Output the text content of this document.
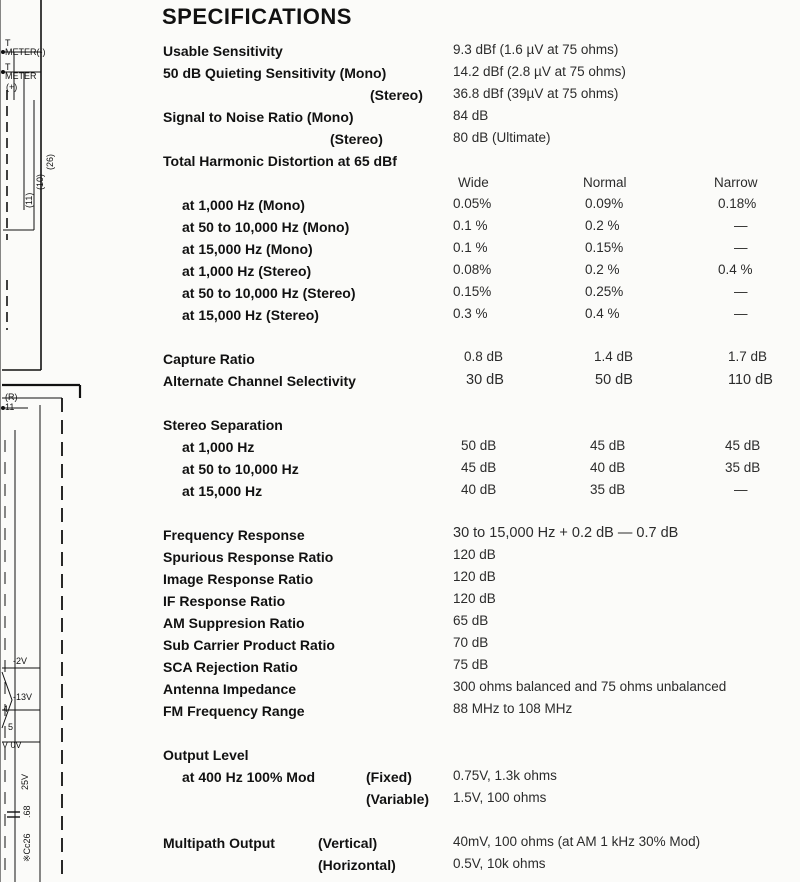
T
METER(-)
T
METER
(+)
(26)
(10)
(11)
(R)
11
-2V
-13V
4
5
V 0V
25V
.68
※Cc26
SPECIFICATIONS
Usable Sensitivity	9.3 dBf (1.6 µV at 75 ohms)
50 dB Quieting Sensitivity (Mono)	14.2 dBf (2.8 µV at 75 ohms)
(Stereo) 36.8 dBf (39µV at 75 ohms)
Signal to Noise Ratio (Mono)	84 dB
(Stereo)	80 dB (Ultimate)
Total Harmonic Distortion at 65 dBf
Wide	Normal	Narrow
at 1,000 Hz (Mono)	0.05%	0.09%	0.18%
at 50 to 10,000 Hz (Mono)	0.1 %	0.2 %	—
at 15,000 Hz (Mono)	0.1 %	0.15%	—
at 1,000 Hz (Stereo)	0.08%	0.2 %	0.4 %
at 50 to 10,000 Hz (Stereo)	0.15%	0.25%	—
at 15,000 Hz (Stereo)	0.3 %	0.4 %	—
Capture Ratio	0.8 dB	1.4 dB	1.7 dB
Alternate Channel Selectivity	30 dB	50 dB	110 dB
Stereo Separation
at 1,000 Hz	50 dB	45 dB	45 dB
at 50 to 10,000 Hz	45 dB	40 dB	35 dB
at 15,000 Hz	40 dB	35 dB	—
Frequency Response	30 to 15,000 Hz + 0.2 dB — 0.7 dB
Spurious Response Ratio	120 dB
Image Response Ratio	120 dB
IF Response Ratio	120 dB
AM Suppresion Ratio	65 dB
Sub Carrier Product Ratio	70 dB
SCA Rejection Ratio	75 dB
Antenna Impedance	300 ohms balanced and 75 ohms unbalanced
FM Frequency Range	88 MHz to 108 MHz
Output Level
at 400 Hz 100% Mod	(Fixed)	0.75V, 1.3k ohms
(Variable) 1.5V, 100 ohms
Multipath Output	(Vertical)	40mV, 100 ohms (at AM 1 kHz 30% Mod)
(Horizontal)	0.5V, 10k ohms
